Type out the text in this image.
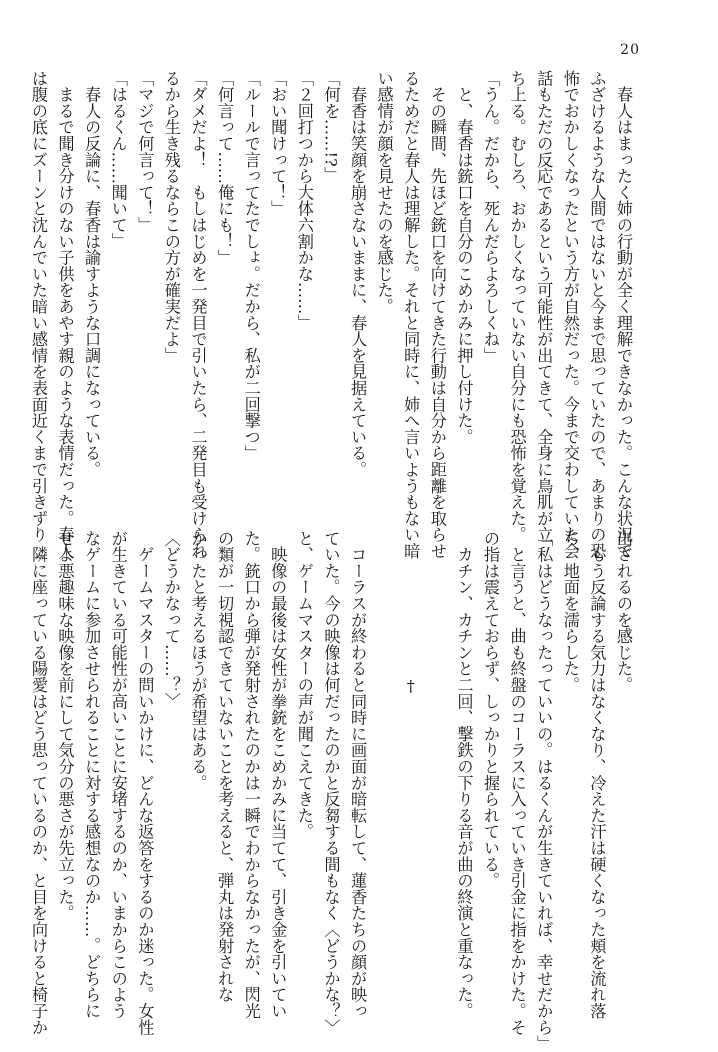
20

　春人はまったく姉の行動が全く理解できなかった。こんな状況で

ふざけるような人間ではないと今まで思っていたので、あまりの恐

怖でおかしくなったという方が自然だった。今まで交わしていた会

話もただの反応であるという可能性が出てきて、全身に鳥肌が立

ち上る。むしろ、おかしくなっていない自分にも恐怖を覚えた。

「うん。だから、死んだらよろしくね」

　と、春香は銃口を自分のこめかみに押し付けた。

　その瞬間、先ほど銃口を向けてきた行動は自分から距離を取らせ

るためだと春人は理解した。それと同時に、姉へ言いようもない暗

い感情が顔を見せたのを感じた。

　春香は笑顔を崩さないままに、春人を見据えている。

「何を……!?」

「２回打つから大体六割かな……」

「おい聞けって！」

「ルールで言ってたでしょ。だから、私が二回撃つ」

「何言って……俺にも！」

「ダメだよ！　もしはじめを一発目で引いたら、二発目も受けられ

るから生き残るならこの方が確実だよ」

「マジで何言って！」

「はるくん……聞いて」

　春人の反論に、春香は諭すような口調になっている。

　まるで聞き分けのない子供をあやす親のような表情だった。春人

は腹の底にズーンと沈んでいた暗い感情を表面近くまで引きずり

出されるのを感じた。

　もう反論する気力はなくなり、冷えた汗は硬くなった頬を流れ落

ち、地面を濡らした。

「私はどうなったっていいの。はるくんが生きていれば、幸せだから」

　と言うと、曲も終盤のコーラスに入っていき引金に指をかけた。そ

の指は震えておらず、しっかりと握られている。

　カチン、カチンと二回、撃鉄の下りる音が曲の終演と重なった。

　　　　　　　　　†

　コーラスが終わると同時に画面が暗転して、蓮香たちの顔が映っ

ていた。今の映像は何だったのかと反芻する間もなく〈どうかな？〉

と、ゲームマスターの声が聞こえてきた。

　映像の最後は女性が拳銃をこめかみに当てて、引き金を引いてい

た。銃口から弾が発射されたのかは一瞬でわからなかったが、閃光

の類が一切視認できていないことを考えると、弾丸は発射されな

かったと考えるほうが希望はある。

〈どうかなって……？〉

　ゲームマスターの問いかけに、どんな返答をするのか迷った。女性

が生きている可能性が高いことに安堵するのか、いまからこのよう

なゲームに参加させられることに対する感想なのか……。どちらに

せよ悪趣味な映像を前にして気分の悪さが先立った。

　隣に座っている陽愛はどう思っているのか、と目を向けると椅子か
